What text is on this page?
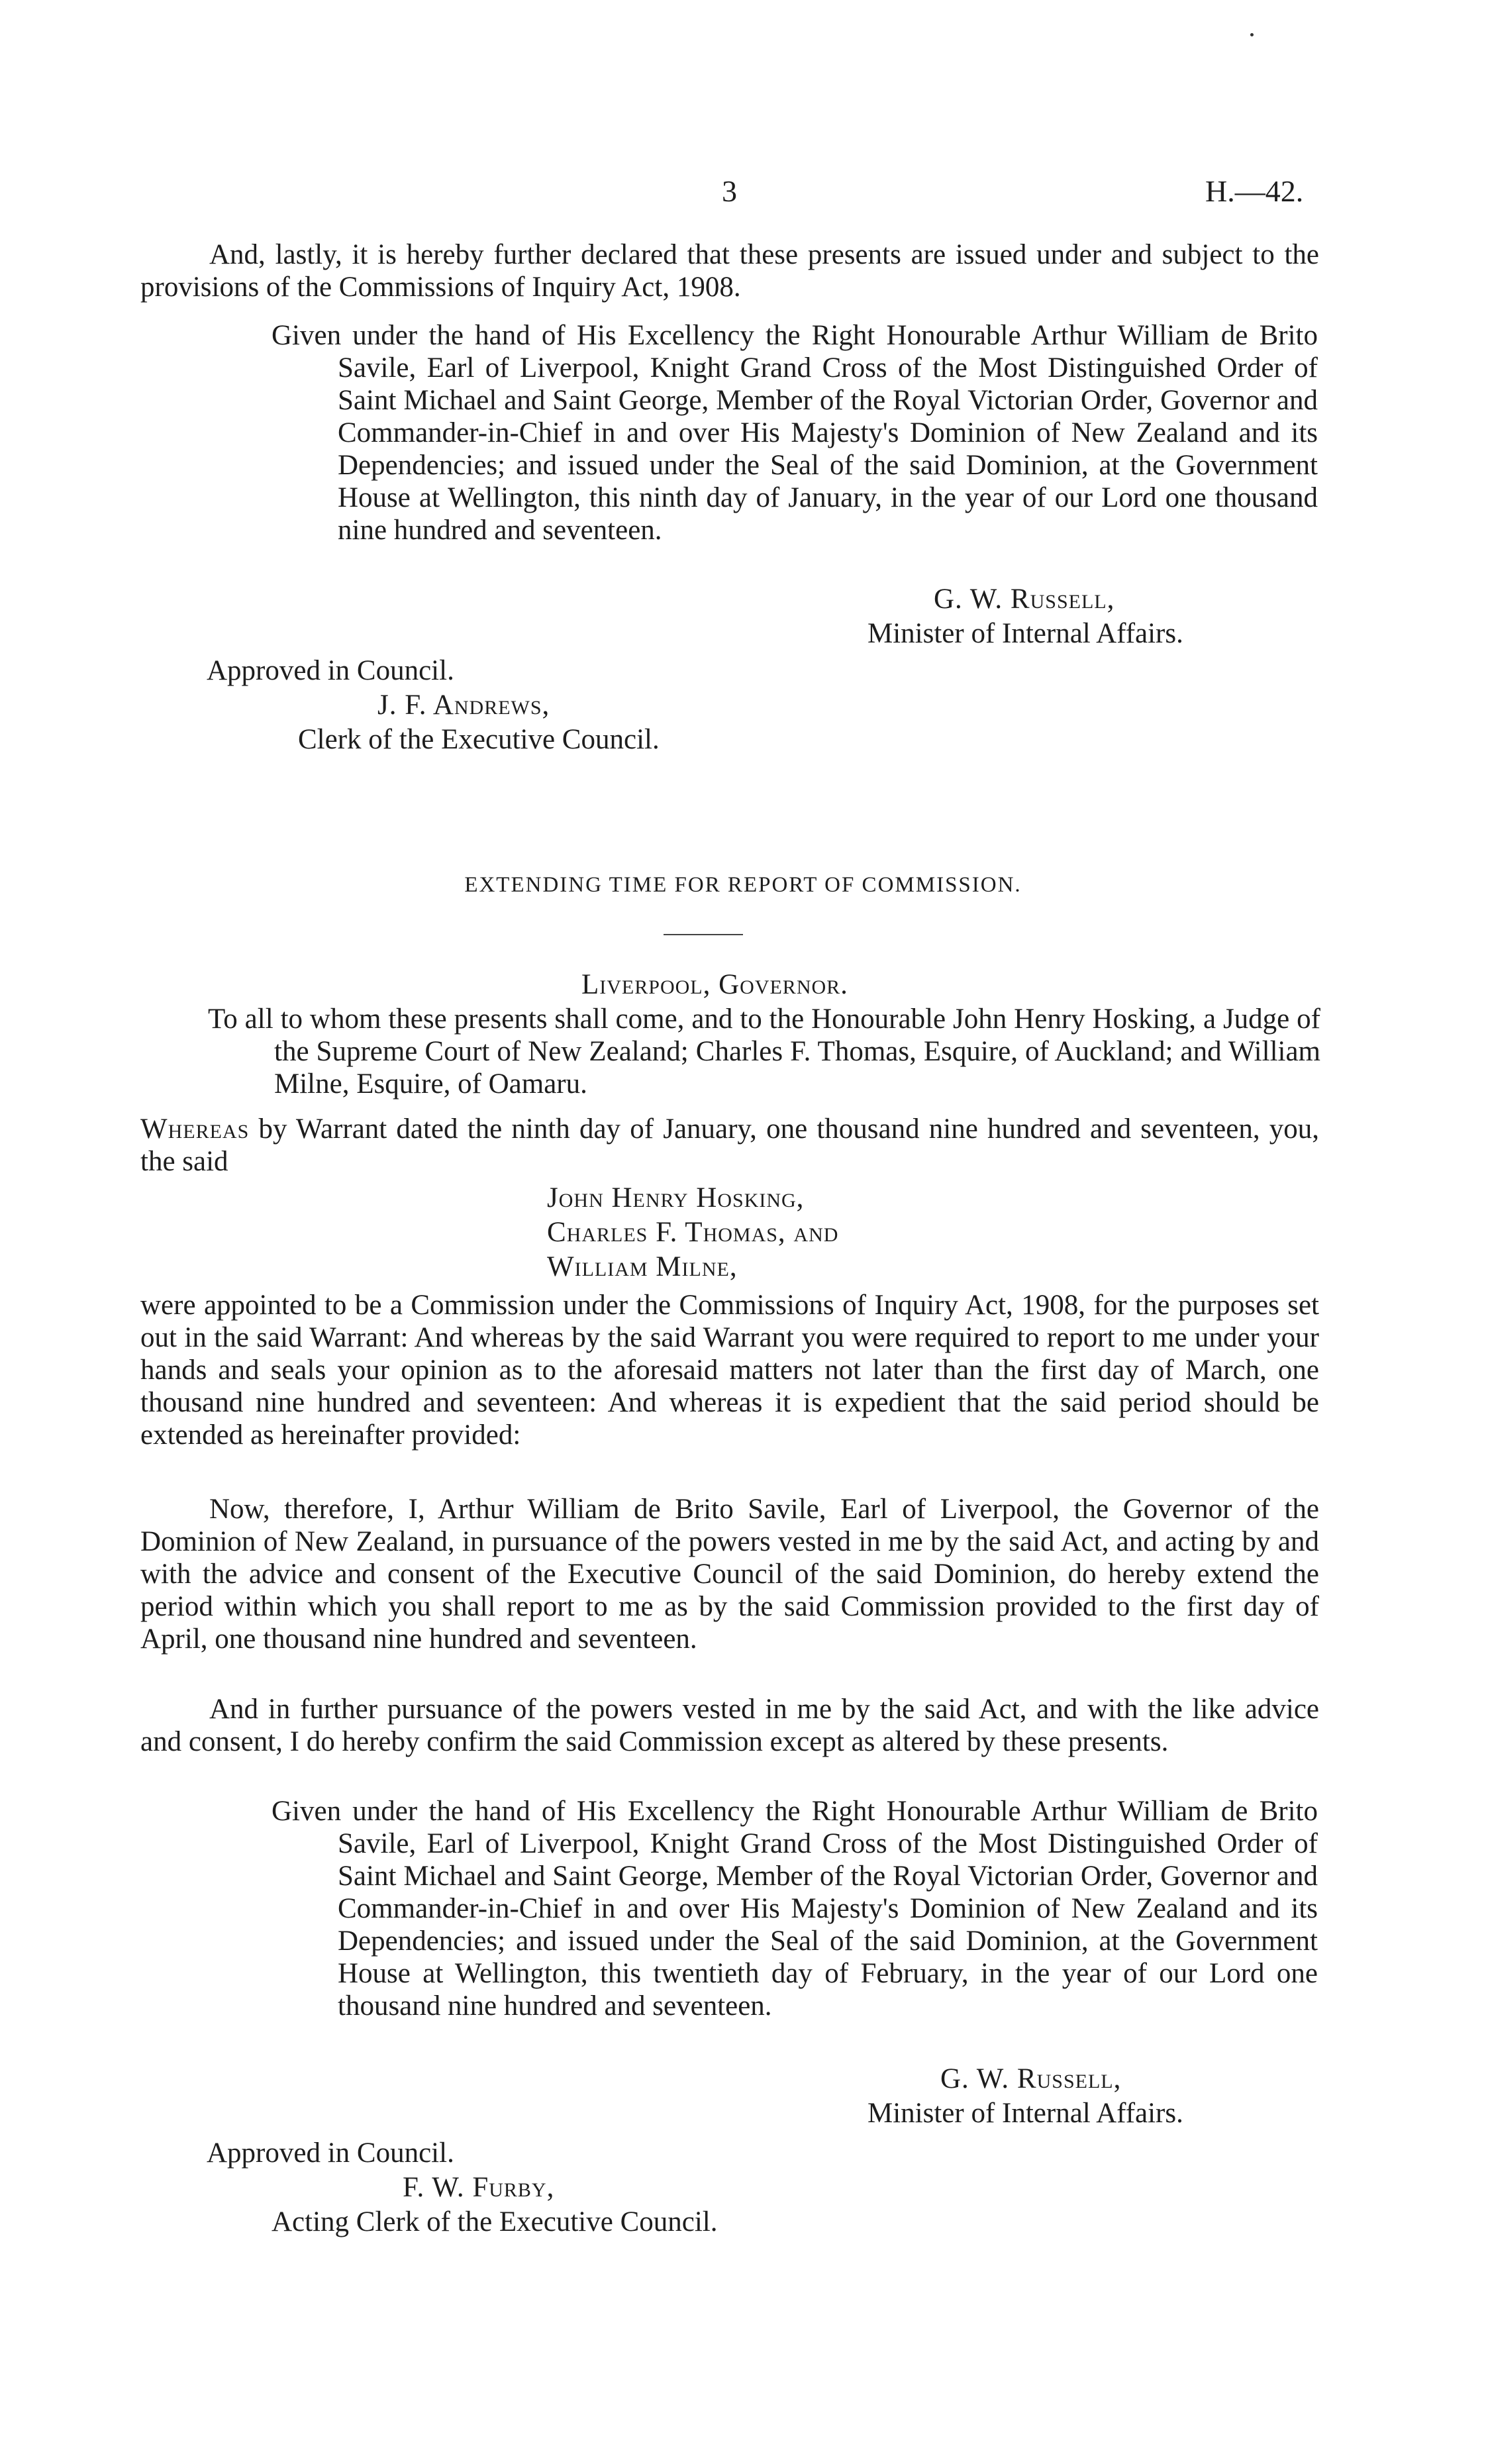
3	H.—42.
And, lastly, it is hereby further declared that these presents are issued under and subject to the provisions of the Commissions of Inquiry Act, 1908.
Given under the hand of His Excellency the Right Honourable Arthur William de Brito Savile, Earl of Liverpool, Knight Grand Cross of the Most Distinguished Order of Saint Michael and Saint George, Member of the Royal Victorian Order, Governor and Commander-in-Chief in and over His Majesty's Dominion of New Zealand and its Dependencies; and issued under the Seal of the said Dominion, at the Government House at Wellington, this ninth day of January, in the year of our Lord one thousand nine hundred and seventeen.
G. W. Russell,
Minister of Internal Affairs.
Approved in Council.
J. F. Andrews,
Clerk of the Executive Council.
EXTENDING TIME FOR REPORT OF COMMISSION.
Liverpool, Governor.
To all to whom these presents shall come, and to the Honourable John Henry Hosking, a Judge of the Supreme Court of New Zealand; Charles F. Thomas, Esquire, of Auckland; and William Milne, Esquire, of Oamaru.
Whereas by Warrant dated the ninth day of January, one thousand nine hundred and seventeen, you, the said
John Henry Hosking,
Charles F. Thomas, and
William Milne,
were appointed to be a Commission under the Commissions of Inquiry Act, 1908, for the purposes set out in the said Warrant: And whereas by the said Warrant you were required to report to me under your hands and seals your opinion as to the aforesaid matters not later than the first day of March, one thousand nine hundred and seventeen: And whereas it is expedient that the said period should be extended as hereinafter provided:
Now, therefore, I, Arthur William de Brito Savile, Earl of Liverpool, the Governor of the Dominion of New Zealand, in pursuance of the powers vested in me by the said Act, and acting by and with the advice and consent of the Executive Council of the said Dominion, do hereby extend the period within which you shall report to me as by the said Commission provided to the first day of April, one thousand nine hundred and seventeen.
And in further pursuance of the powers vested in me by the said Act, and with the like advice and consent, I do hereby confirm the said Commission except as altered by these presents.
Given under the hand of His Excellency the Right Honourable Arthur William de Brito Savile, Earl of Liverpool, Knight Grand Cross of the Most Distinguished Order of Saint Michael and Saint George, Member of the Royal Victorian Order, Governor and Commander-in-Chief in and over His Majesty's Dominion of New Zealand and its Dependencies; and issued under the Seal of the said Dominion, at the Government House at Wellington, this twentieth day of February, in the year of our Lord one thousand nine hundred and seventeen.
G. W. Russell,
Minister of Internal Affairs.
Approved in Council.
F. W. Furby,
Acting Clerk of the Executive Council.
